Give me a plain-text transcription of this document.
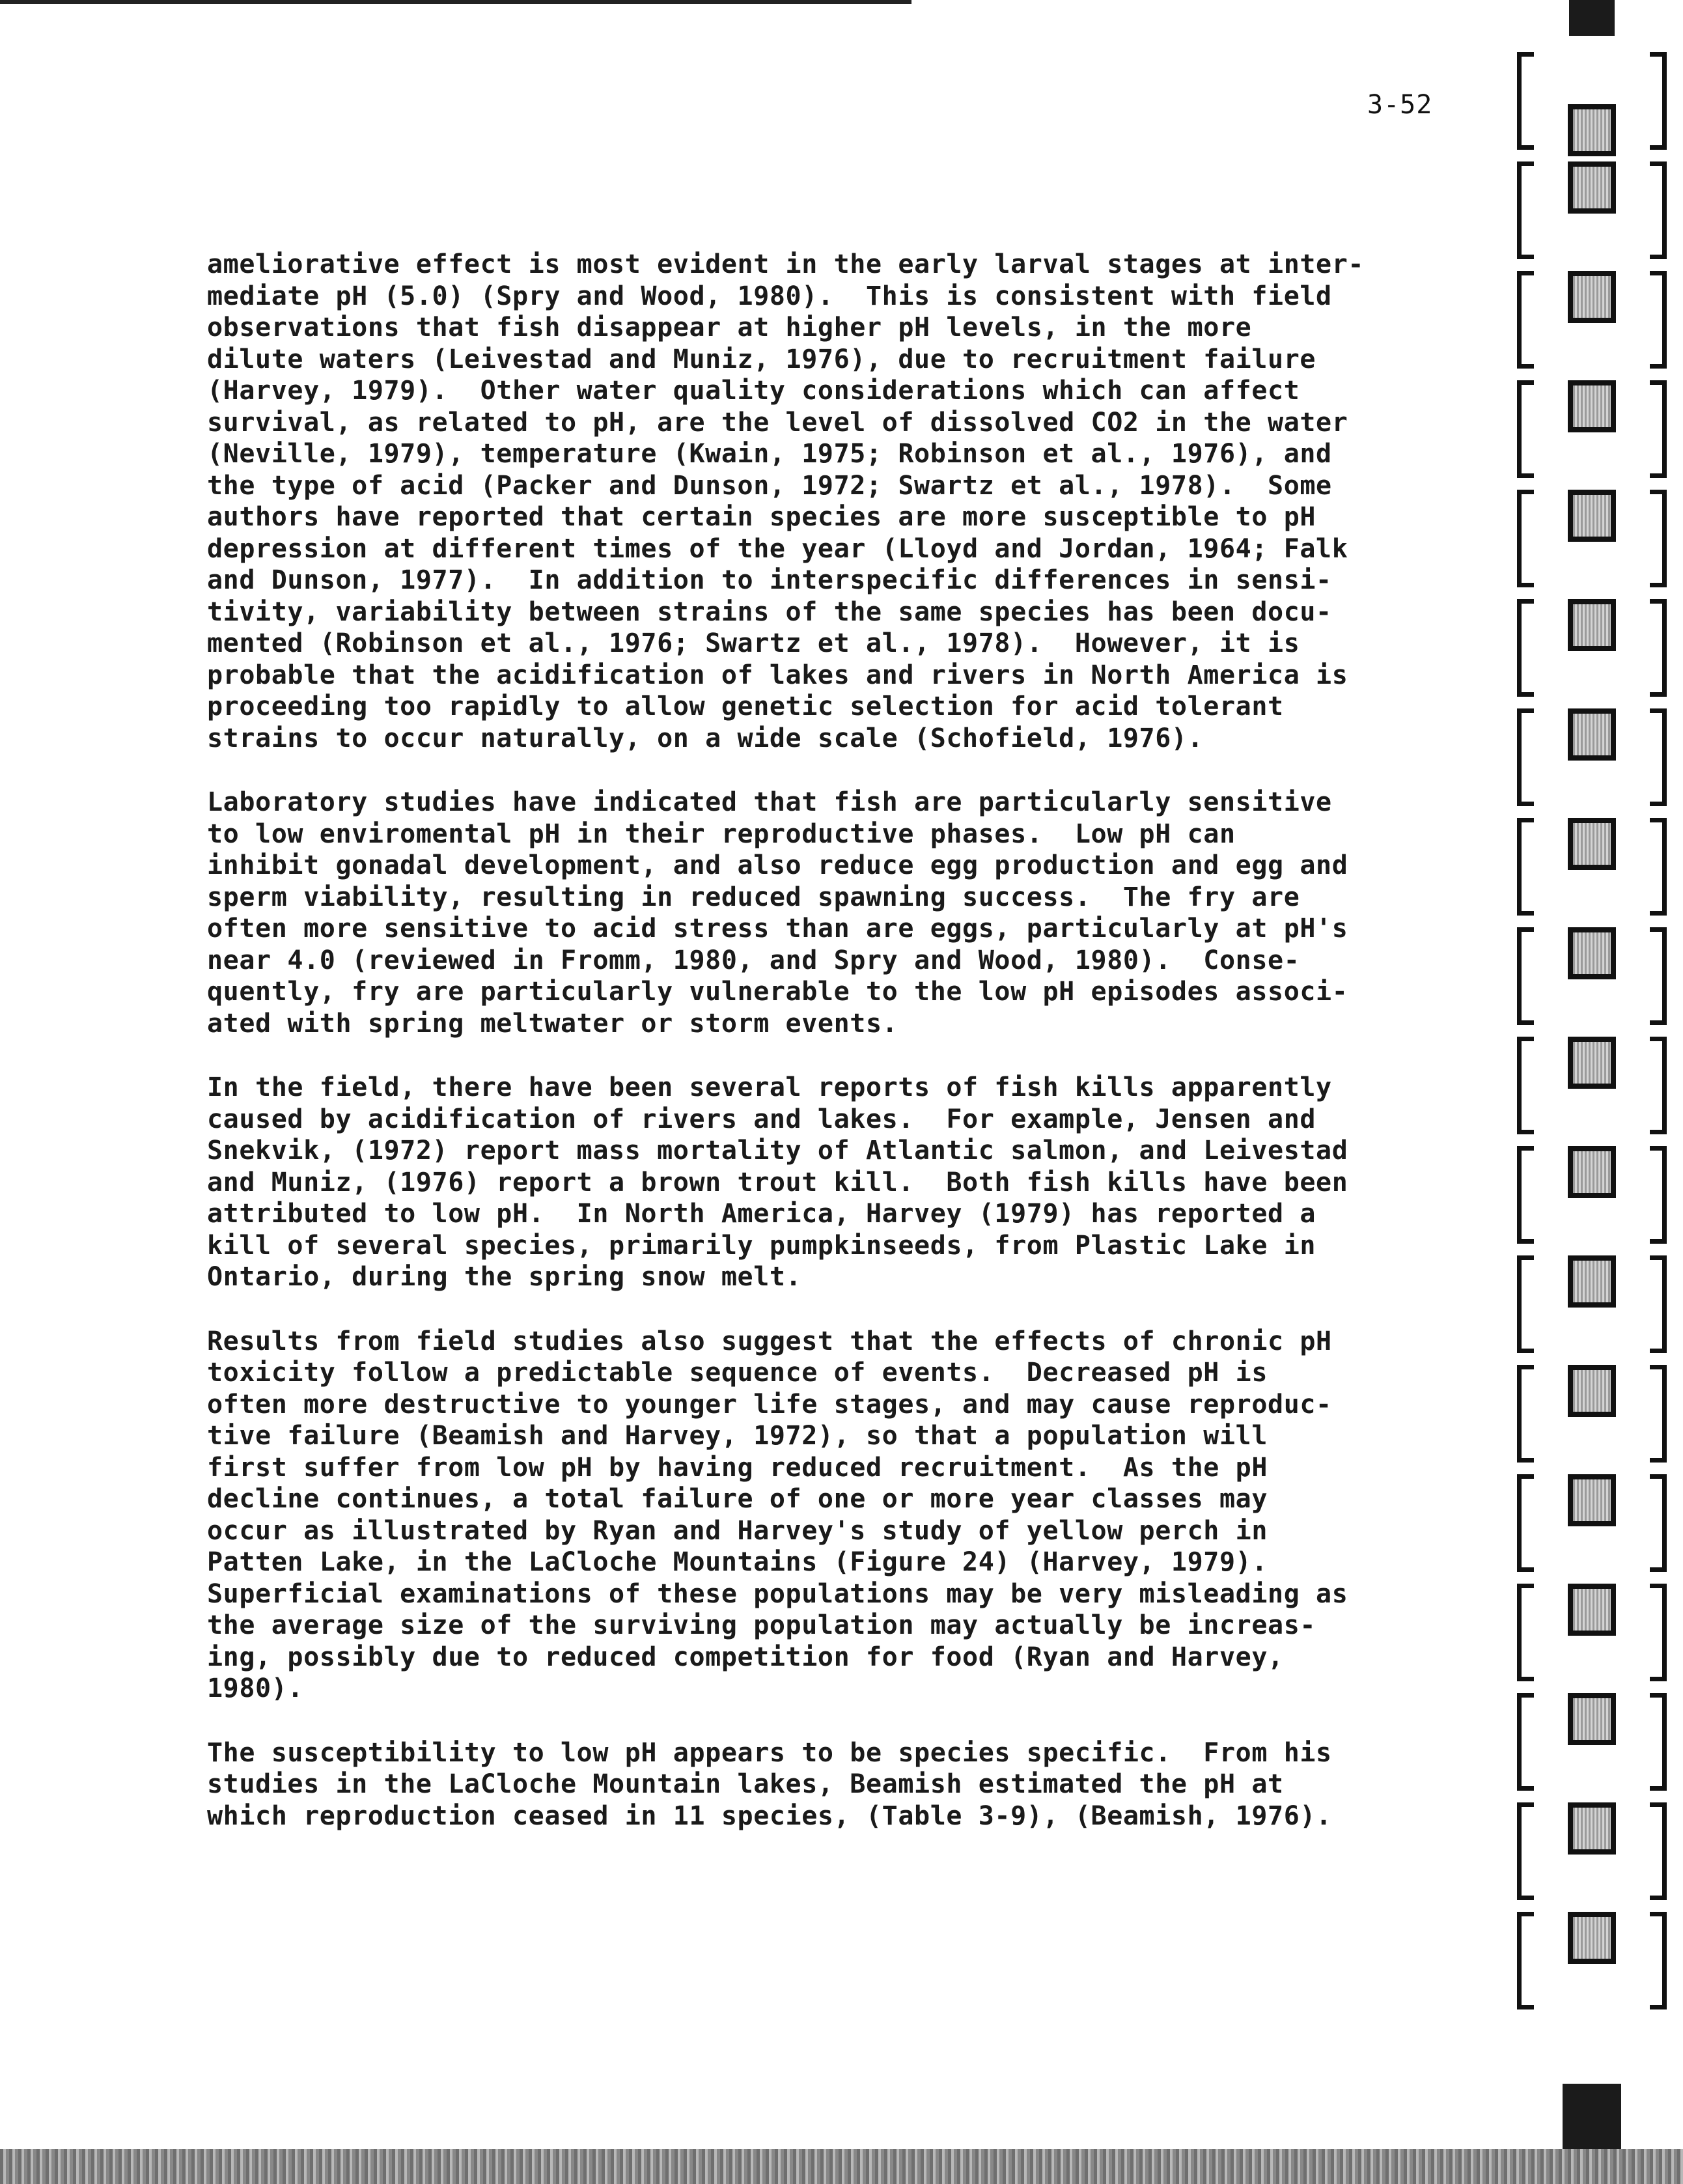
3-52
ameliorative effect is most evident in the early larval stages at inter-
mediate pH (5.0) (Spry and Wood, 1980).  This is consistent with field
observations that fish disappear at higher pH levels, in the more
dilute waters (Leivestad and Muniz, 1976), due to recruitment failure
(Harvey, 1979).  Other water quality considerations which can affect
survival, as related to pH, are the level of dissolved CO2 in the water
(Neville, 1979), temperature (Kwain, 1975; Robinson et al., 1976), and
the type of acid (Packer and Dunson, 1972; Swartz et al., 1978).  Some
authors have reported that certain species are more susceptible to pH
depression at different times of the year (Lloyd and Jordan, 1964; Falk
and Dunson, 1977).  In addition to interspecific differences in sensi-
tivity, variability between strains of the same species has been docu-
mented (Robinson et al., 1976; Swartz et al., 1978).  However, it is
probable that the acidification of lakes and rivers in North America is
proceeding too rapidly to allow genetic selection for acid tolerant
strains to occur naturally, on a wide scale (Schofield, 1976).
Laboratory studies have indicated that fish are particularly sensitive
to low enviromental pH in their reproductive phases.  Low pH can
inhibit gonadal development, and also reduce egg production and egg and
sperm viability, resulting in reduced spawning success.  The fry are
often more sensitive to acid stress than are eggs, particularly at pH's
near 4.0 (reviewed in Fromm, 1980, and Spry and Wood, 1980).  Conse-
quently, fry are particularly vulnerable to the low pH episodes associ-
ated with spring meltwater or storm events.
In the field, there have been several reports of fish kills apparently
caused by acidification of rivers and lakes.  For example, Jensen and
Snekvik, (1972) report mass mortality of Atlantic salmon, and Leivestad
and Muniz, (1976) report a brown trout kill.  Both fish kills have been
attributed to low pH.  In North America, Harvey (1979) has reported a
kill of several species, primarily pumpkinseeds, from Plastic Lake in
Ontario, during the spring snow melt.
Results from field studies also suggest that the effects of chronic pH
toxicity follow a predictable sequence of events.  Decreased pH is
often more destructive to younger life stages, and may cause reproduc-
tive failure (Beamish and Harvey, 1972), so that a population will
first suffer from low pH by having reduced recruitment.  As the pH
decline continues, a total failure of one or more year classes may
occur as illustrated by Ryan and Harvey's study of yellow perch in
Patten Lake, in the LaCloche Mountains (Figure 24) (Harvey, 1979).
Superficial examinations of these populations may be very misleading as
the average size of the surviving population may actually be increas-
ing, possibly due to reduced competition for food (Ryan and Harvey,
1980).
The susceptibility to low pH appears to be species specific.  From his
studies in the LaCloche Mountain lakes, Beamish estimated the pH at
which reproduction ceased in 11 species, (Table 3-9), (Beamish, 1976).
